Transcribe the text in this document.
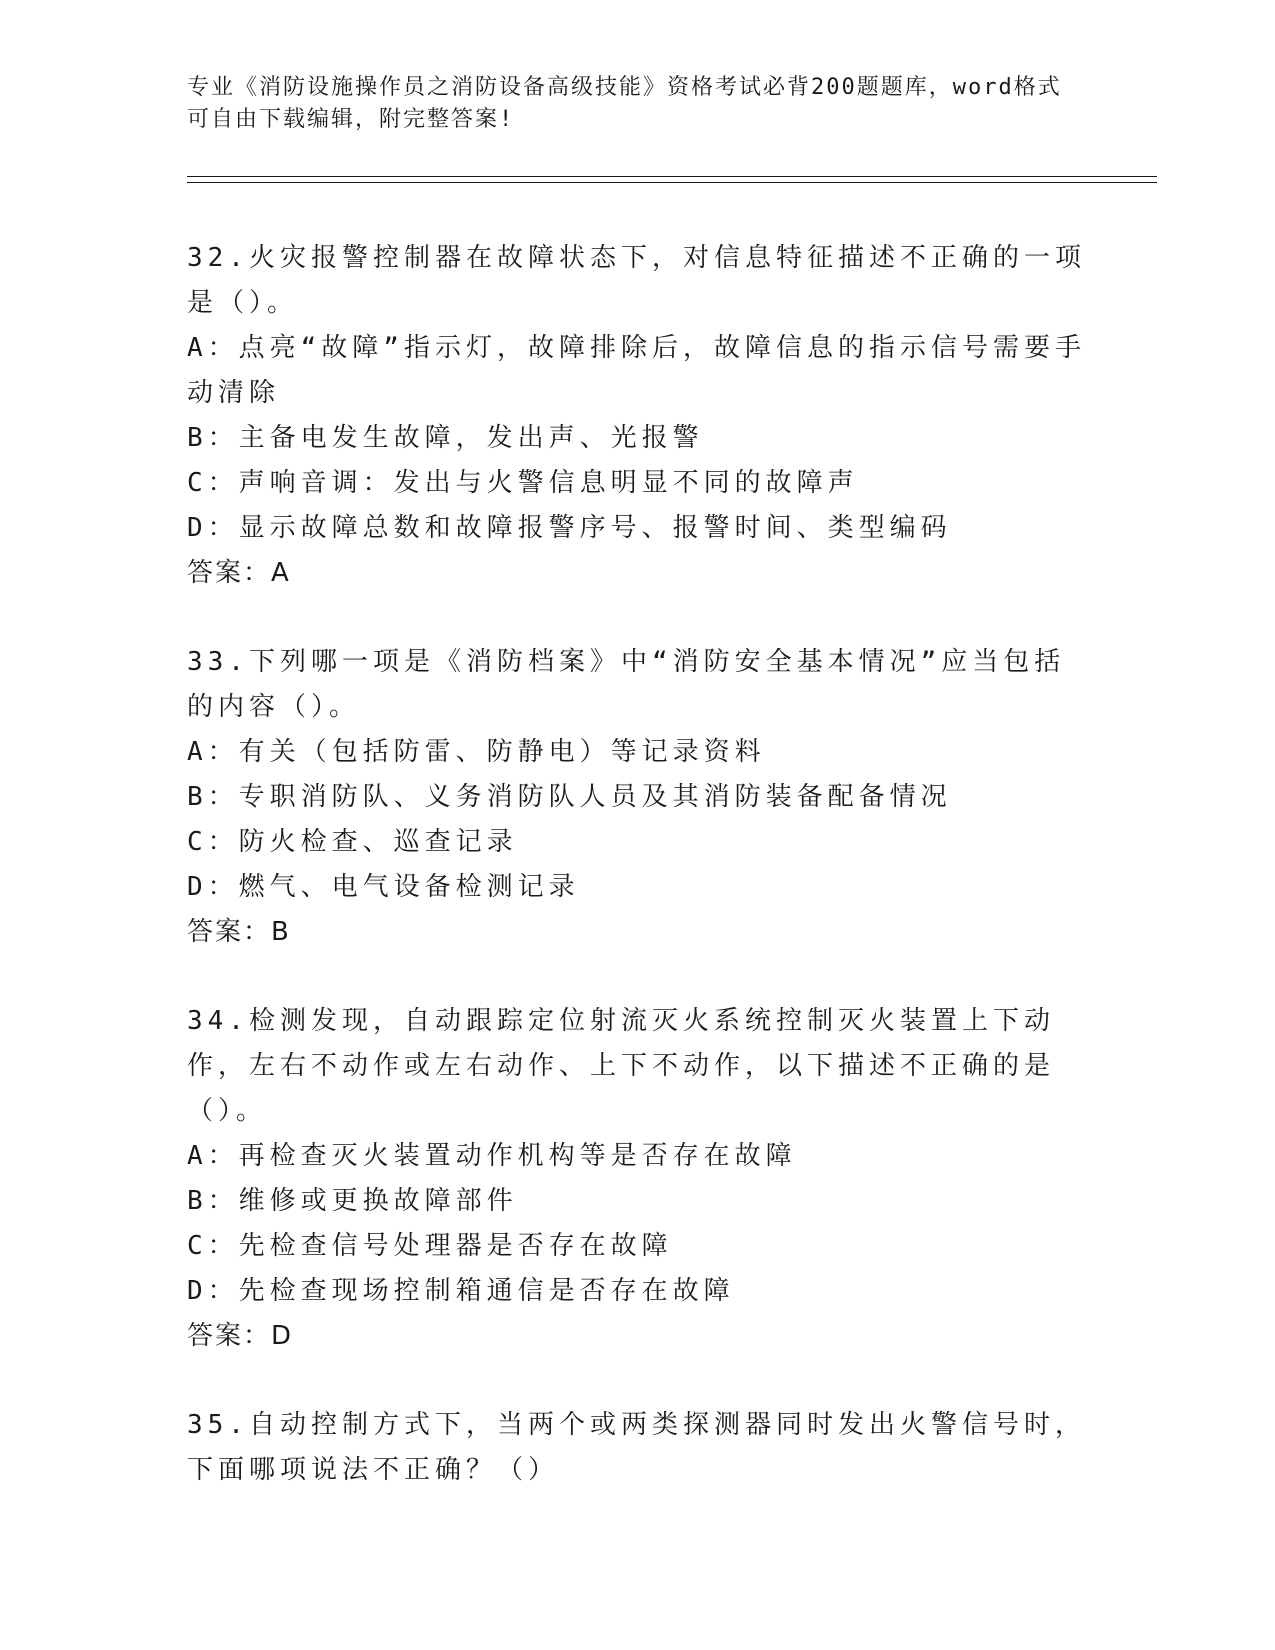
专业《消防设施操作员之消防设备高级技能》资格考试必背200题题库，word格式可自由下载编辑，附完整答案!

32.火灾报警控制器在故障状态下，对信息特征描述不正确的一项是（）。

A：点亮“故障”指示灯，故障排除后，故障信息的指示信号需要手动清除

B：主备电发生故障，发出声、光报警

C：声响音调：发出与火警信息明显不同的故障声

D：显示故障总数和故障报警序号、报警时间、类型编码

答案：A

33.下列哪一项是《消防档案》中“消防安全基本情况”应当包括的内容（）。

A：有关（包括防雷、防静电）等记录资料

B：专职消防队、义务消防队人员及其消防装备配备情况

C：防火检查、巡查记录

D：燃气、电气设备检测记录

答案：B

34.检测发现，自动跟踪定位射流灭火系统控制灭火装置上下动作，左右不动作或左右动作、上下不动作，以下描述不正确的是（）。

A：再检查灭火装置动作机构等是否存在故障

B：维修或更换故障部件

C：先检查信号处理器是否存在故障

D：先检查现场控制箱通信是否存在故障

答案：D

35.自动控制方式下，当两个或两类探测器同时发出火警信号时，下面哪项说法不正确？（）
